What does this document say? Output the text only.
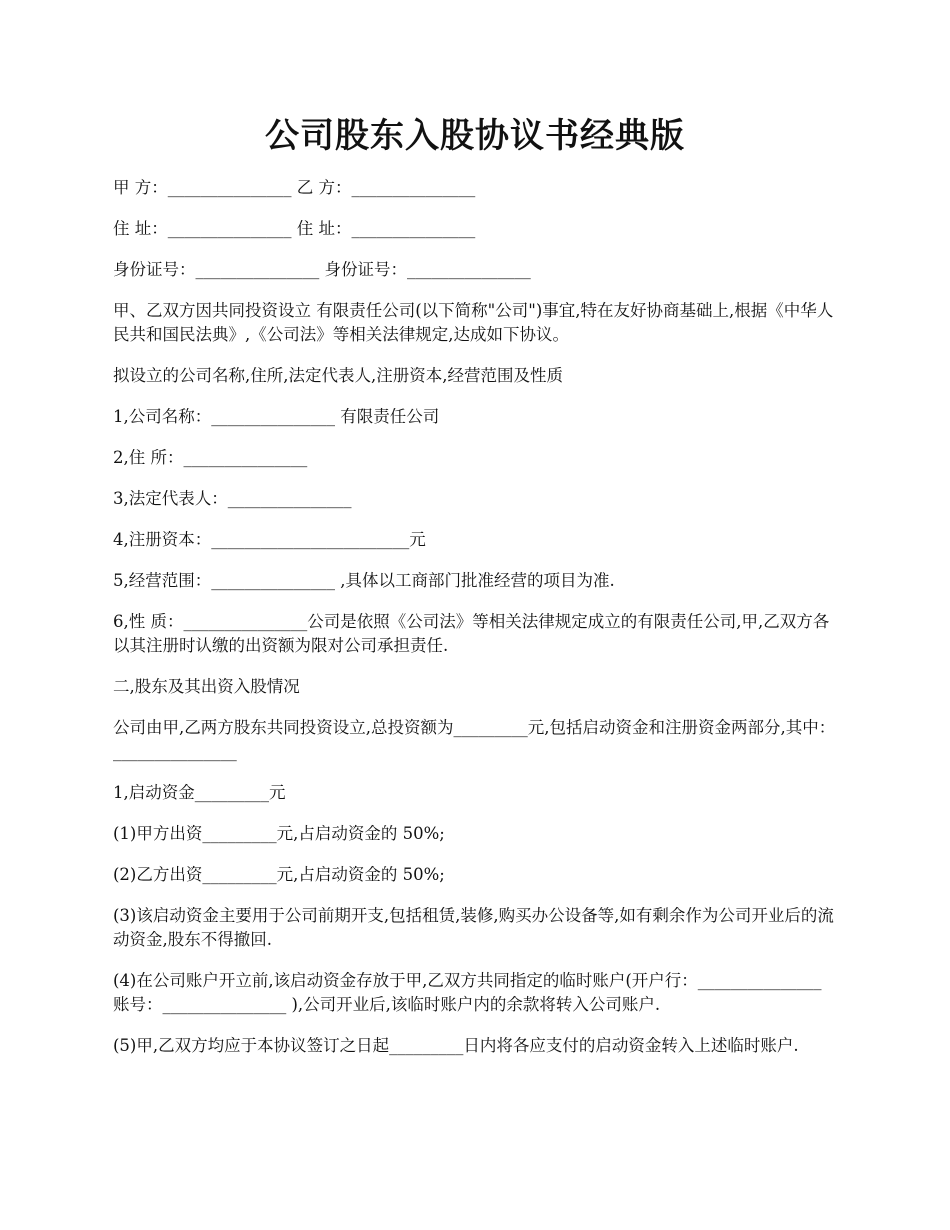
公司股东入股协议书经典版

甲 方：_______________ 乙 方：_______________

住 址：_______________ 住 址：_______________

身份证号：_______________ 身份证号：_______________

甲、乙双方因共同投资设立 有限责任公司(以下简称"公司")事宜,特在友好协商基础上,根据《中华人民共和国民法典》,《公司法》等相关法律规定,达成如下协议。

拟设立的公司名称,住所,法定代表人,注册资本,经营范围及性质

1,公司名称：_______________ 有限责任公司

2,住 所：_______________

3,法定代表人：_______________

4,注册资本：________________________元

5,经营范围：_______________ ,具体以工商部门批准经营的项目为准.

6,性 质：_______________公司是依照《公司法》等相关法律规定成立的有限责任公司,甲,乙双方各以其注册时认缴的出资额为限对公司承担责任.

二,股东及其出资入股情况

公司由甲,乙两方股东共同投资设立,总投资额为_________元,包括启动资金和注册资金两部分,其中：_______________

1,启动资金_________元

(1)甲方出资_________元,占启动资金的 50%;

(2)乙方出资_________元,占启动资金的 50%;

(3)该启动资金主要用于公司前期开支,包括租赁,装修,购买办公设备等,如有剩余作为公司开业后的流动资金,股东不得撤回.

(4)在公司账户开立前,该启动资金存放于甲,乙双方共同指定的临时账户(开户行：_______________ 账号：_______________ ),公司开业后,该临时账户内的余款将转入公司账户.

(5)甲,乙双方均应于本协议签订之日起_________日内将各应支付的启动资金转入上述临时账户.
